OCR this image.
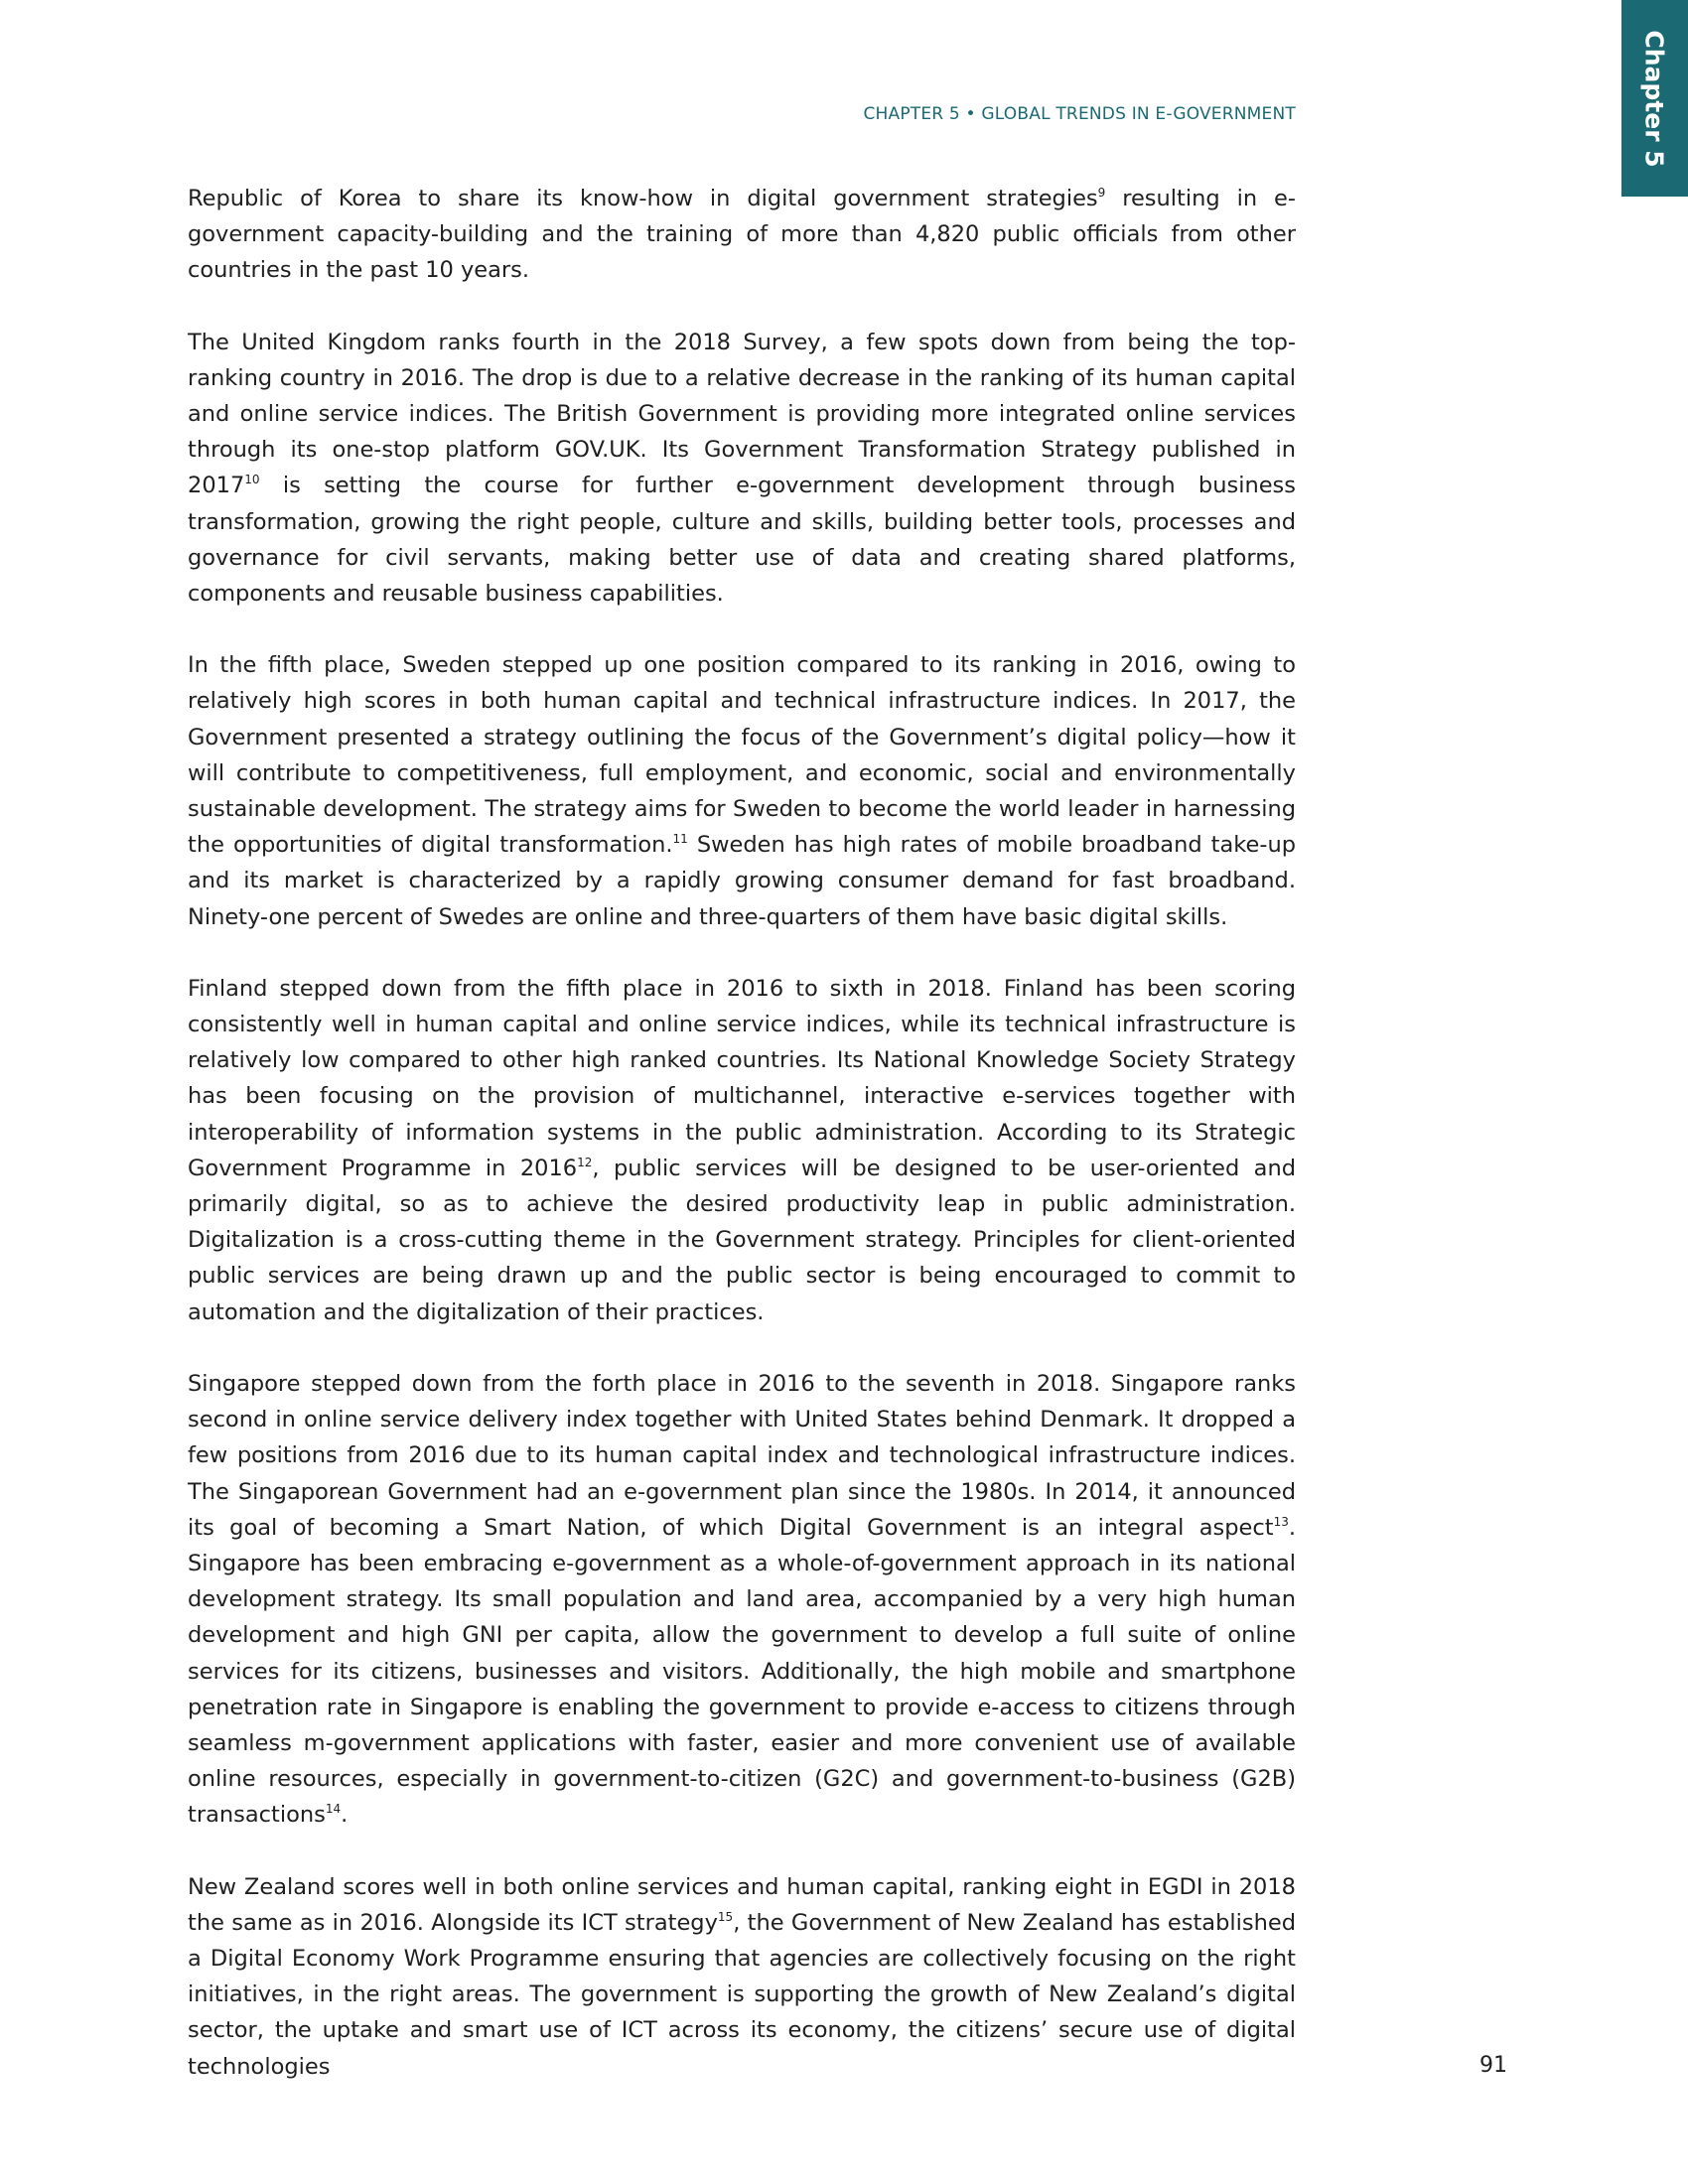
Chapter 5
CHAPTER 5 • GLOBAL TRENDS IN E-GOVERNMENT

Republic of Korea to share its know-how in digital government strategies$^9$ resulting in e-government capacity-building and the training of more than 4,820 public officials from other countries in the past 10 years.

The United Kingdom ranks fourth in the 2018 Survey, a few spots down from being the top-ranking country in 2016. The drop is due to a relative decrease in the ranking of its human capital and online service indices. The British Government is providing more integrated online services through its one-stop platform GOV.UK. Its Government Transformation Strategy published in 2017$^{10}$ is setting the course for further e-government development through business transformation, growing the right people, culture and skills, building better tools, processes and governance for civil servants, making better use of data and creating shared platforms, components and reusable business capabilities.

In the fifth place, Sweden stepped up one position compared to its ranking in 2016, owing to relatively high scores in both human capital and technical infrastructure indices. In 2017, the Government presented a strategy outlining the focus of the Government’s digital policy—how it will contribute to competitiveness, full employment, and economic, social and environmentally sustainable development. The strategy aims for Sweden to become the world leader in harnessing the opportunities of digital transformation.$^{11}$ Sweden has high rates of mobile broadband take-up and its market is characterized by a rapidly growing consumer demand for fast broadband. Ninety-one percent of Swedes are online and three-quarters of them have basic digital skills.

Finland stepped down from the fifth place in 2016 to sixth in 2018. Finland has been scoring consistently well in human capital and online service indices, while its technical infrastructure is relatively low compared to other high ranked countries. Its National Knowledge Society Strategy has been focusing on the provision of multichannel, interactive e-services together with interoperability of information systems in the public administration. According to its Strategic Government Programme in 2016$^{12}$, public services will be designed to be user-oriented and primarily digital, so as to achieve the desired productivity leap in public administration. Digitalization is a cross-cutting theme in the Government strategy. Principles for client-oriented public services are being drawn up and the public sector is being encouraged to commit to automation and the digitalization of their practices.

Singapore stepped down from the forth place in 2016 to the seventh in 2018. Singapore ranks second in online service delivery index together with United States behind Denmark. It dropped a few positions from 2016 due to its human capital index and technological infrastructure indices. The Singaporean Government had an e-government plan since the 1980s. In 2014, it announced its goal of becoming a Smart Nation, of which Digital Government is an integral aspect$^{13}$. Singapore has been embracing e-government as a whole-of-government approach in its national development strategy. Its small population and land area, accompanied by a very high human development and high GNI per capita, allow the government to develop a full suite of online services for its citizens, businesses and visitors. Additionally, the high mobile and smartphone penetration rate in Singapore is enabling the government to provide e-access to citizens through seamless m-government applications with faster, easier and more convenient use of available online resources, especially in government-to-citizen (G2C) and government-to-business (G2B) transactions$^{14}$.

New Zealand scores well in both online services and human capital, ranking eight in EGDI in 2018 the same as in 2016. Alongside its ICT strategy$^{15}$, the Government of New Zealand has established a Digital Economy Work Programme ensuring that agencies are collectively focusing on the right initiatives, in the right areas. The government is supporting the growth of New Zealand’s digital sector, the uptake and smart use of ICT across its economy, the citizens’ secure use of digital technologies	91
